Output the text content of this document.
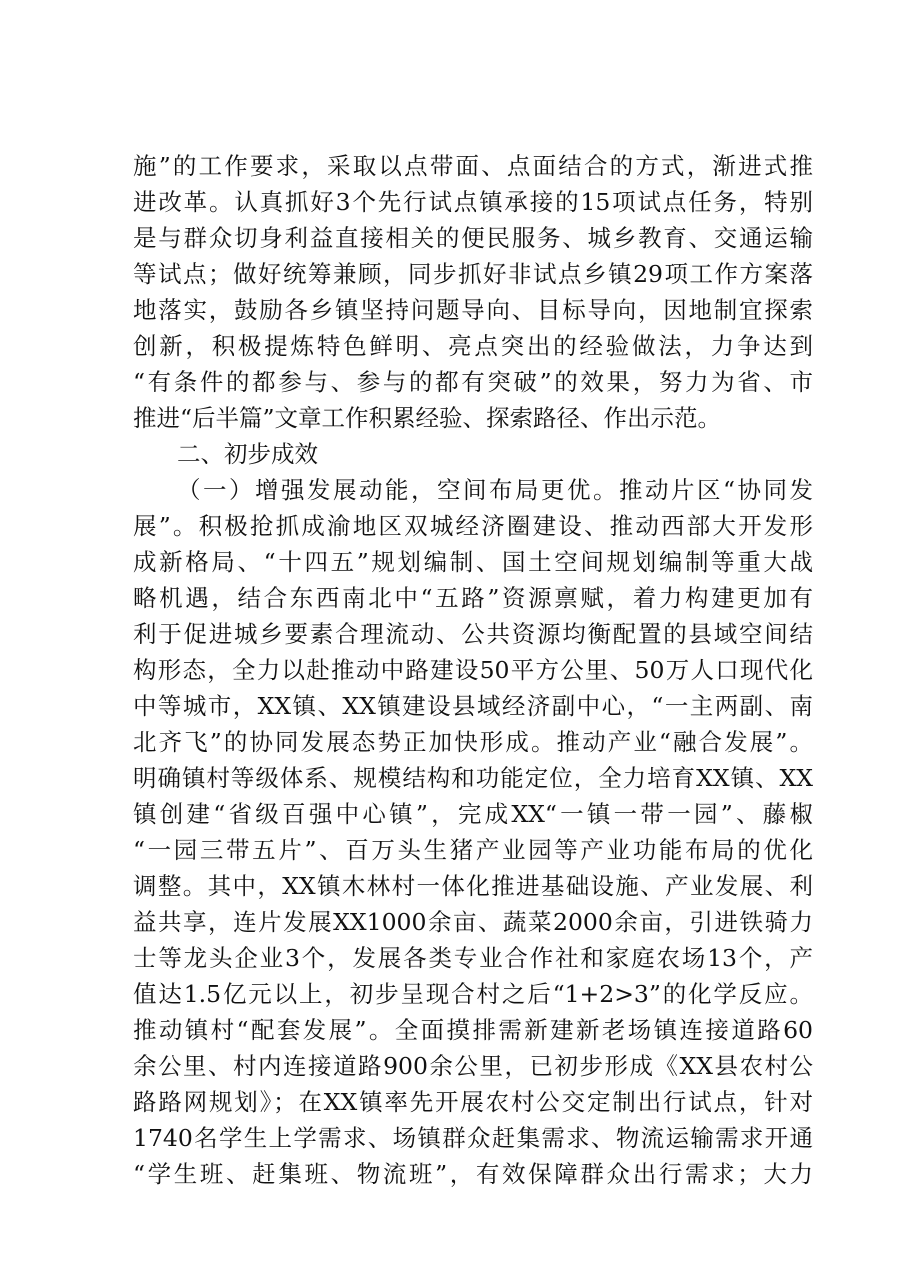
施”的工作要求，采取以点带面、点面结合的方式，渐进式推
进改革。认真抓好3个先行试点镇承接的15项试点任务，特别
是与群众切身利益直接相关的便民服务、城乡教育、交通运输
等试点；做好统筹兼顾，同步抓好非试点乡镇29项工作方案落
地落实，鼓励各乡镇坚持问题导向、目标导向，因地制宜探索
创新，积极提炼特色鲜明、亮点突出的经验做法，力争达到
“有条件的都参与、参与的都有突破”的效果，努力为省、市
推进“后半篇”文章工作积累经验、探索路径、作出示范。
二、初步成效
（一）增强发展动能，空间布局更优。推动片区“协同发
展”。积极抢抓成渝地区双城经济圈建设、推动西部大开发形
成新格局、“十四五”规划编制、国土空间规划编制等重大战
略机遇，结合东西南北中“五路”资源禀赋，着力构建更加有
利于促进城乡要素合理流动、公共资源均衡配置的县域空间结
构形态，全力以赴推动中路建设50平方公里、50万人口现代化
中等城市，XX镇、XX镇建设县域经济副中心，“一主两副、南
北齐飞”的协同发展态势正加快形成。推动产业“融合发展”。
明确镇村等级体系、规模结构和功能定位，全力培育XX镇、XX
镇创建“省级百强中心镇”，完成XX“一镇一带一园”、藤椒
“一园三带五片”、百万头生猪产业园等产业功能布局的优化
调整。其中，XX镇木林村一体化推进基础设施、产业发展、利
益共享，连片发展XX1000余亩、蔬菜2000余亩，引进铁骑力
士等龙头企业3个，发展各类专业合作社和家庭农场13个，产
值达1.5亿元以上，初步呈现合村之后“1+2>3”的化学反应。
推动镇村“配套发展”。全面摸排需新建新老场镇连接道路60
余公里、村内连接道路900余公里，已初步形成《XX县农村公
路路网规划》；在XX镇率先开展农村公交定制出行试点，针对
1740名学生上学需求、场镇群众赶集需求、物流运输需求开通
“学生班、赶集班、物流班”，有效保障群众出行需求；大力
